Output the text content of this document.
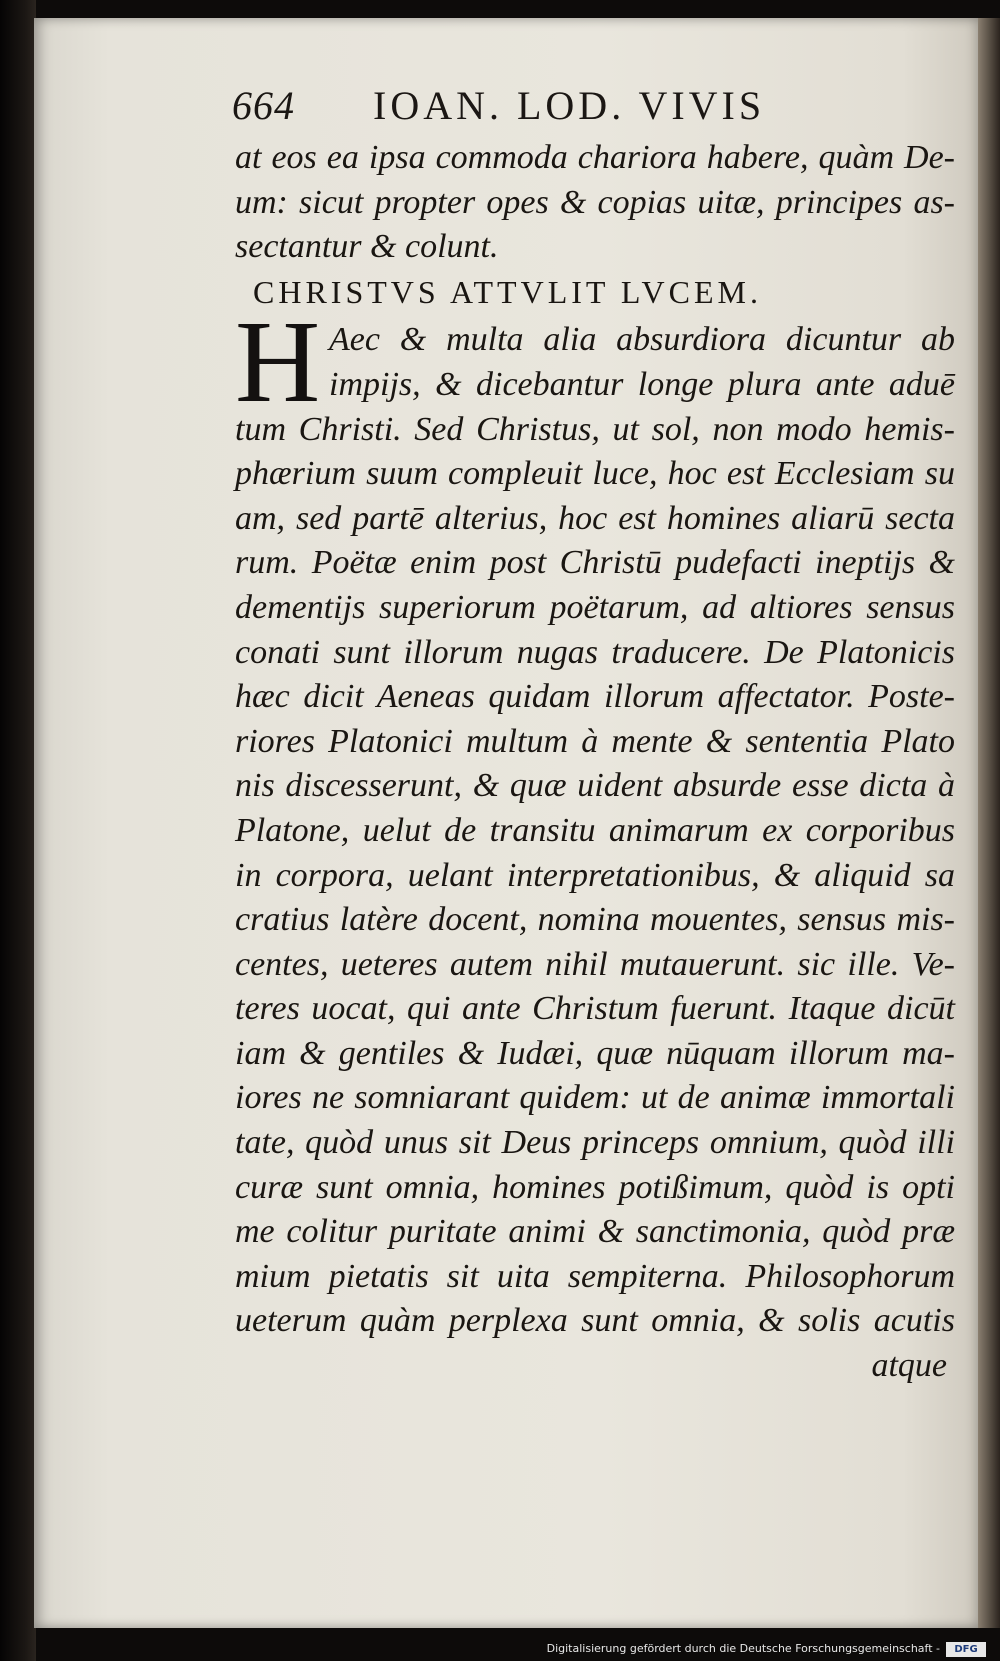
664 IOAN. LOD. VIVIS
at eos ea ipsa commoda chariora habere, quàm De-
um: sicut propter opes & copias uitæ, principes as-
sectantur & colunt.
CHRISTVS ATTVLIT LVCEM.
H Aec & multa alia absurdiora dicuntur ab
impijs, & dicebantur longe plura ante aduē
tum Christi. Sed Christus, ut sol, non modo hemis-
phærium suum compleuit luce, hoc est Ecclesiam su
am, sed partē alterius, hoc est homines aliarū secta
rum. Poëtæ enim post Christū pudefacti ineptijs &
dementijs superiorum poëtarum, ad altiores sensus
conati sunt illorum nugas traducere. De Platonicis
hæc dicit Aeneas quidam illorum affectator. Poste-
riores Platonici multum à mente & sententia Plato
nis discesserunt, & quæ uident absurde esse dicta à
Platone, uelut de transitu animarum ex corporibus
in corpora, uelant interpretationibus, & aliquid sa
cratius latère docent, nomina mouentes, sensus mis-
centes, ueteres autem nihil mutauerunt. sic ille. Ve-
teres uocat, qui ante Christum fuerunt. Itaque dicūt
iam & gentiles & Iudæi, quæ nūquam illorum ma-
iores ne somniarant quidem: ut de animæ immortali
tate, quòd unus sit Deus princeps omnium, quòd illi
curæ sunt omnia, homines potißimum, quòd is opti
me colitur puritate animi & sanctimonia, quòd præ
mium pietatis sit uita sempiterna. Philosophorum
ueterum quàm perplexa sunt omnia, & solis acutis
atque
Digitalisierung gefördert durch die Deutsche Forschungsgemeinschaft -	DFG
